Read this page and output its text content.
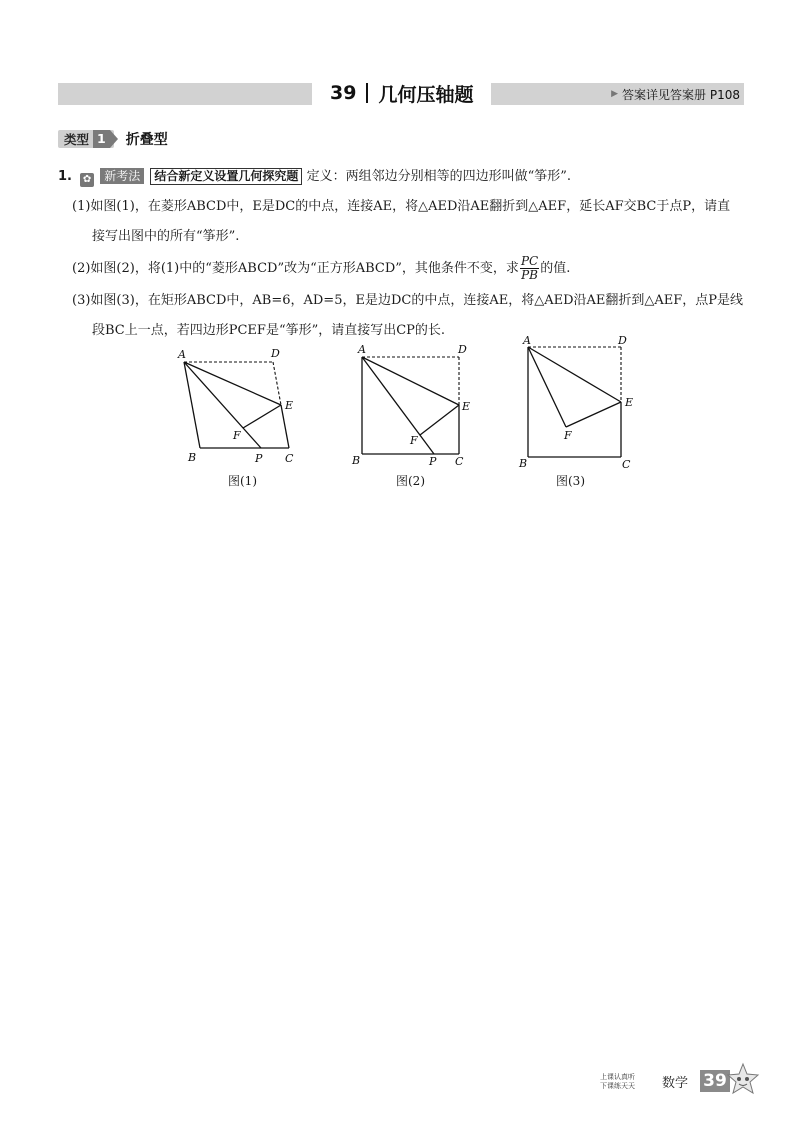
39 几何压轴题	▶ 答案详见答案册 P108
类型 1 折叠型
1. ✿ 新考法 结合新定义设置几何探究题 定义：两组邻边分别相等的四边形叫做“筝形”.
(1)如图(1)，在菱形ABCD中，E是DC的中点，连接AE，将△AED沿AE翻折到△AEF，延长AF交BC于点P，请直
接写出图中的所有“筝形”.
(2)如图(2)，将(1)中的“菱形ABCD”改为“正方形ABCD”，其他条件不变，求 $\frac{PC}{PB}$ 的值.
(3)如图(3)，在矩形ABCD中，AB=6，AD=5，E是边DC的中点，连接AE，将△AED沿AE翻折到△AEF，点P是线
段BC上一点，若四边形PCEF是“筝形”，请直接写出CP的长.
A	D
E
F
B	P C
图(1)
A	D
E
F
B	P C
图(2)
A	D
E
F
B	C
图(3)
上课认真听
下课练天天 数学 39
